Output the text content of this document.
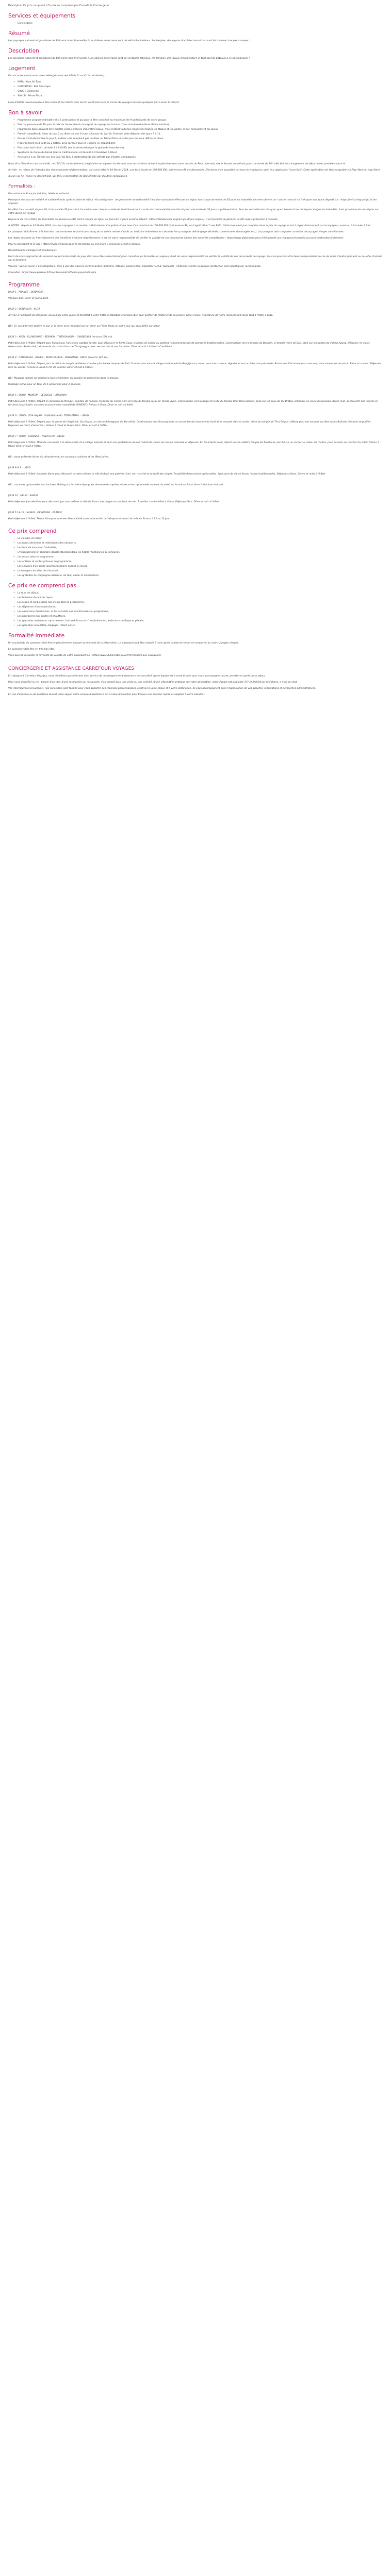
Description Ce prix comprend / Ce prix ne comprend pas Formalités Conciergerie
Services et équipements
• Conciergerie
Résumé

Les paysages naturels et grandioses de Bali vont vous émerveiller ! Les rizières en terrasse vont de véritables tableaux. les temples, des paysas d'architecture et tout sauf de bateaux à ne pas manquer !

Description

Les paysages naturels et grandioses de Bali vont vous émerveiller ! Les rizières en terrasse sont de véritables tableaux, les temples, des joyaux d'architecture et tout sauf de bateaux à ne pas manquer !

Logement

Durant votre circuit vous serez hébergés dans des hôtels 3* ou 4* (ou similaires) :

• KUTA : Kuta Ali Tuna
• CANDIDASA : Bali Seascape
• UBUD : Diamonds
• SANUR : Prime Plaza

Liste d'hôtels communiquée à titre indicatif, les hôtels vous seront confirmés dans le carnet de voyage transmis quelques jours avant le départ.

Bon à savoir
• Programme proposé réalisable dès 2 participants et qui pourra être constitué au maximum de 9 participants de votre groupe.
• Prix par personne de 1h pour le prix de l'ensemble du transport du voyage sur la base d'une chambre double et Bali (chambre).
• Programme base pouvant être modifié selon certaines impératifs locaux, mais restent toutefois respectées toutes les étapes et les visites, le bon déroulement du séjour.
• Prévoir complète du dîner du jour 2 au dîner du jour 6 (sauf déjeuner du jour 8). Formule petit-déjeuner des jours 9 à 11.
• En cas d'arrivée tardive le jour 2, le dîner sera remplacé par un dîner au Prime Plaza un autre jour qui sera défini sur place.
• Hébergement en 4 nuits au 2 hôtels, ainsi qu'en 2 plus en 1 heure en disponibilité.
• Prochain choix hôtel : période 2 à 9 (SUD) (sur la réservation par le guide de l'excellence).
• Spectacle de danse du Kecak (danse traditionnelle) et déroulé à Chandiswa à Ubud.
• Assistance à un Travers sur des Bali, Vol Dieu à destination de Bali affecté par d'autres compagnies.

Nous Visa (Bosné en tant qu'invité) : le 19/3/16, conformément à législation en vigueur localement, tous les visiteurs doivent impérativement noter au sein du Pelan (permis) aux le Nouvel an balinois pour son durée de 24h (dès 6h). Un changement de départ n'est possible ce jour-là.

Arrivée : en raison de l'introduction d'une nouvelle réglementation, qui a pris effet le 14 février 2024, une taxe locale de 150 000 IDR, soit environ 9€ est demandée. Elle devra être acquittée par tous les voyageurs avec leur application "Love Bali". Cette application est téléchargeable via Play Store ou App Store.

Aucun vol Air France ne dessert Bali. Vol Dieu à destination de Bali affecté par d'autres compagnies.

Formalités :

Ressortissants Français (adultes, bébés et enfants) :

Passeport en cours de validité et valable 6 mois après la date de séjour. Visa obligatoire : les personnes de nationalité française souhaitant effectuer un séjour touristique de moins de 30 jours en Indonésie peuvent obtenir un « visa on arrival » à l'aéroport (au avant départ) sur : https://evisa.imigrasi.go.id (en anglais).

Un délai dans au-delà du jour 30, il est valable 30 jours et à l'occasion avec chaque arrivée de territoire et tout cas de visa renouvelable une fois et pour une durée de 30 jours supplémentaires. Pour les ressortissants français ayant besoin d'une durée plus longue en Indonésie, il est prochaine de renseigner sur votre durée de voyage.

Depuis le 28 mars 2023, les formalités de douane (e-CD) sont à remplir en ligne, au plus tard 3 jours avant le départ : https://allindonesia.imigrasi.go.id/ (en anglais). Il est possible de générer un QR code à présenter à l'arrivée.

À NOTER : depuis le 14 février 2024, tous les voyageurs se rendant à Bali doivent s'acquitter d'une taxe d'un montant de 150.000 IDR (soit environ 9€) via l'application "Love Bali". Cette taxe n'est pas comprise dans le prix du voyage et est à régler directement par le voyageur, avant ou à l'arrivée à Bali.

Le passeport doit être en très bon état : de nombreux ressortissants français se voient refuser l'accès au territoire indonésien en raison de leur passeport abîmé (page déchirée, couverture endommagée, etc.). Le passeport doit comporter au moins deux pages vierges consécutives.

Les règles relatives au franchissement des frontières évoluent régulièrement. Il est de votre responsabilité de vérifier la validité de vos documents auprès des autorités compétentes : https://www.diplomatie.gouv.fr/fr/conseils-aux-voyageurs/conseils-par-pays-destination/indonesie/

Pour le passeport et le visa : https://evisa.imigrasi.go.id (à demander au minimum 2 semaines avant le départ)

Ressortissants étrangers et binationaux :

Merci de vous rapprocher du consulat ou de l'ambassade du pays dont vous êtes ressortissant pour connaître les formalités en vigueur. Il est de votre responsabilité de vérifier la validité de vos documents de voyage. Nous ne pourrons être tenus responsables en cas de refus d'embarquement ou de refus d'entrée sur le territoire.

Vaccins : aucun vaccin n'est obligatoire. Mise à jour des vaccins recommandés (diphtérie, tétanos, poliomyélite, hépatites A et B, typhoïde). Traitement contre la dengue (protection anti-moustiques) recommandé.

Consultez : https://www.pasteur.fr/fr/centre-medical/fiches-pays/indonesie

Programme

JOUR 1 : FRANCE - DENPASAR

Vol pour Bali. Dîner et nuit à bord.

JOUR 2 : DENPASAR - KUTA

Arrivée à l'aéroport de Denpasar, accueil par votre guide et transfert à votre hôtel. Installation et temps libre pour profiter de l'hôtel et de sa piscine. Dîner inclus. Assistance de notre représentant local. Nuit à l'hôtel à Kuta.

NB : En cas d'arrivée tardive le jour 2, le dîner sera remplacé par un dîner au Prime Plaza un autre jour qui sera défini sur place.

JOUR 3 : KUTA - KLUNGKUNG - BESAKIH - TIRTAGANGGA - CANDIDASA (environ 150 km)

Petit-déjeuner à l'hôtel. Départ pour Klungkung, l'ancienne capitale royale, pour découvrir le Kerta Gosa, le palais de justice au plafond richement décoré de peintures traditionnelles. Continuation vers le temple de Besakih, le temple-mère de Bali, situé sur les pentes du volcan Agung. Déjeuner en cours d'excursion. Après-midi, découverte du palais d'eau de Tirtagangga, avec ses bassins et ses fontaines. Dîner et nuit à l'hôtel à Candidasa.

JOUR 4 : CANDIDASA - KEHEN - PENGLIPURAN - KINTAMANI - UBUD (environ 145 km)

Petit-déjeuner à l'hôtel. Départ pour la visite du temple de Kehen, l'un des plus beaux temples de Bali. Continuation vers le village traditionnel de Penglipuran, connu pour ses maisons alignées et son architecture préservée. Route vers Kintamani pour une vue panoramique sur le volcan Batur et son lac. Déjeuner face au volcan. Arrivée à Ubud en fin de journée. Dîner et nuit à l'hôtel.

NB : Massage réparti sur plusieurs jours et fonction du nombre de personnes dans le groupe.

Massage inclus pour un total de 6 personnes pour 2 séances.

JOUR 5 : UBUD - MENGWI - BEDUGUL - JATILUWIH

Petit-déjeuner à l'hôtel. Départ en direction de Mengwi, capitale de l'ancien royaume du même nom et visite du temple royal de Taman Ayun. Continuation vers Bedugul et visite du temple Ulun Danu Bratan, posé sur les eaux du lac Bratan. Déjeuner en cours d'excursion. Après-midi, découverte des rizières en terrasse de Jatiluwih, classées au patrimoine mondial de l'UNESCO. Retour à Ubud. Dîner et nuit à l'hôtel.

JOUR 6 : UBUD - GOA GAJAH - GUNUNG KAWI - TIRTA EMPUL - UBUD

Petit-déjeuner à l'hôtel. Départ pour la grotte de l'éléphant, Goa Gajah, un site archéologique du XIe siècle. Continuation vers Gunung Kawi, un ensemble de monuments funéraires creusés dans la roche. Visite du temple de Tirta Empul, célèbre pour ses sources sacrées où les Balinais viennent se purifier. Déjeuner en cours d'excursion. Retour à Ubud et temps libre. Dîner et nuit à l'hôtel.

JOUR 7 : UBUD - TABANAN - TANAH LOT - UBUD

Petit-déjeuner à l'hôtel. Matinée consacrée à la découverte d'un village balinais et de la vie quotidienne de ses habitants. Cours de cuisine balinaise et déjeuner. En fin d'après-midi, départ vers le célèbre temple de Tanah Lot, perché sur un rocher au milieu de l'océan, pour assister au coucher du soleil. Retour à Ubud. Dîner et nuit à l'hôtel.

NB : seule présente forme du déroulement, les vacances scolaires et les fêtes juives.

JOUR 8 & 9 : UBUD

Petit-déjeuner à l'hôtel. Journées libres pour découvrir à votre rythme la ville d'Ubud, ses galeries d'art, son marché et sa forêt des singes. Possibilité d'excursions optionnelles. Spectacle de danse Kecak (danse traditionnelle). Déjeuners libres. Dîners et nuits à l'hôtel.

NB : vacances optionnelles non incluses. Balting sur la rivière Ayung, en descente de rapides, et excursion optionnelle au lever du soleil sur le volcan Batur (hors frais) (non incluse).

JOUR 10 : UBUD - SANUR

Petit-déjeuner. Journée libre pour découvrir par vous-même la ville de Sanur, ses plages et son front de mer. Transfert à votre hôtel à Sanur. Déjeuner libre. Dîner et nuit à l'hôtel.

JOUR 11 & 12 : SANUR - DENPASAR - FRANCE

Petit-déjeuner à l'hôtel. Temps libre pour une dernière activité avant le transfert à l'aéroport et envol. Arrivée en France à 12 ou 13 jour.

Ce prix comprend
• Le vol aller et retour,
• Les taxes aériennes et redevances des aéroports,
• Les frais de visa pour l'Indonésie,
• L'hébergement en chambre double standard dans les hôtels mentionnés ou similaires,
• Les repas selon le programme,
• Les entrées et visites prévues au programme,
• Les services d'un guide local francophone durant le circuit,
• Le transport en véhicule climatisé,
• Les gratuités de compagnie aérienne, de tour leader et d'assistance.
Ce prix ne comprend pas
• La taxe de séjour,
• Les boissons durant les repas,
• Les repas et les boissons non inclus dans le programme,
• Les dépenses d'ordre personnel,
• Les excursions facultatives, et les activités non mentionnées au programme,
• Les pourboires aux guides et chauffeurs,
• Les garanties assistance, rapatriement, frais médicaux et d'hospitalisation, assistance juridique et pénale,
• Les garanties annulation, bagages, retard aérien.
Formalité immédiate

Un scan/photo du passeport doit être impérativement envoyé au moment de la réservation. Le passeport doit être valable 6 mois après la date de retour et comporter au moins 2 pages vierges.

Le passeport doit être en très bon état.

Vous pouvez consulter la formalité de validité de votre passeport sur : https://www.diplomatie.gouv.fr/fr/conseils-aux-voyageurs/

CONCIERGERIE ET ASSISTANCE CARREFOUR VOYAGES

En rejoignant Carrefour Voyages, vous bénéficiez gratuitement d'un service de conciergerie et d'assistance personnalisé. Notre équipe est à votre écoute pour vous accompagner avant, pendant et après votre séjour.

Pour vous simplifier la vie : besoin d'un taxi, d'une réservation au restaurant, d'un conseil pour une visite ou une activité, d'une information pratique sur votre destination, notre équipe est joignable 7j/7 et 24h/24 par téléphone, e-mail ou chat.

Vos interlocuteurs privilégiés : nos conseillers sont formés pour vous apporter des réponses personnalisées, relatives à votre séjour et à votre destination. Ils vous accompagnent dans l'organisation de vos activités, réservations et démarches administratives.

En cas d'imprévu ou de problème durant votre séjour, notre service d'assistance est à votre disposition pour trouver une solution rapide et adaptée à votre situation.
